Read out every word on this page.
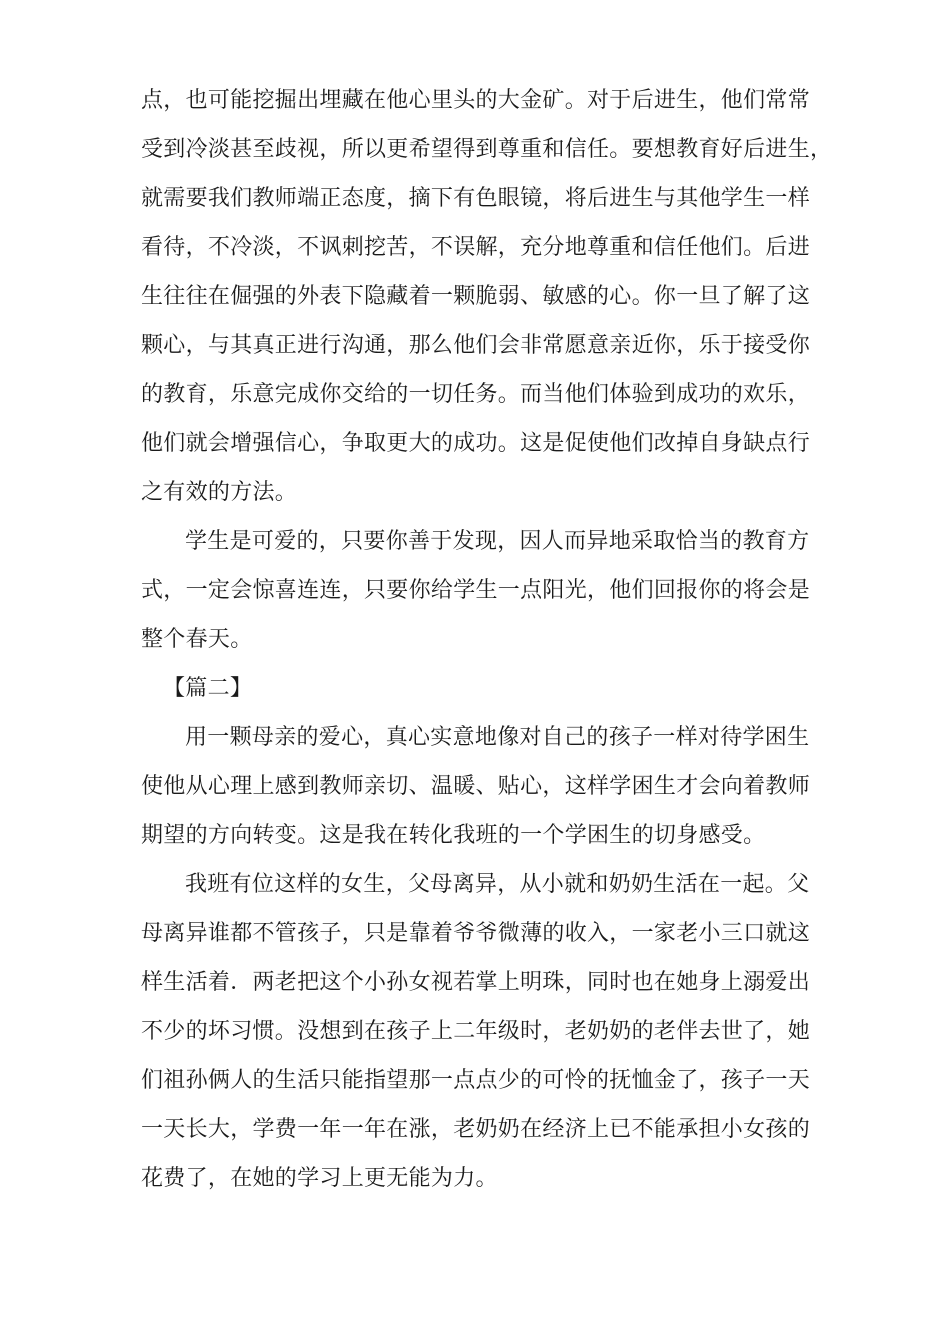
点，也可能挖掘出埋藏在他心里头的大金矿。对于后进生，他们常常
受到冷淡甚至歧视，所以更希望得到尊重和信任。要想教育好后进生，
就需要我们教师端正态度，摘下有色眼镜，将后进生与其他学生一样
看待，不冷淡，不讽刺挖苦，不误解，充分地尊重和信任他们。后进
生往往在倔强的外表下隐藏着一颗脆弱、敏感的心。你一旦了解了这
颗心，与其真正进行沟通，那么他们会非常愿意亲近你，乐于接受你
的教育，乐意完成你交给的一切任务。而当他们体验到成功的欢乐，
他们就会增强信心，争取更大的成功。这是促使他们改掉自身缺点行
之有效的方法。
学生是可爱的，只要你善于发现，因人而异地采取恰当的教育方
式，一定会惊喜连连，只要你给学生一点阳光，他们回报你的将会是
整个春天。
【篇二】
用一颗母亲的爱心，真心实意地像对自己的孩子一样对待学困生
使他从心理上感到教师亲切、温暖、贴心，这样学困生才会向着教师
期望的方向转变。这是我在转化我班的一个学困生的切身感受。
我班有位这样的女生，父母离异，从小就和奶奶生活在一起。父
母离异谁都不管孩子，只是靠着爷爷微薄的收入，一家老小三口就这
样生活着．两老把这个小孙女视若掌上明珠，同时也在她身上溺爱出
不少的坏习惯。没想到在孩子上二年级时，老奶奶的老伴去世了，她
们祖孙俩人的生活只能指望那一点点少的可怜的抚恤金了，孩子一天
一天长大，学费一年一年在涨，老奶奶在经济上已不能承担小女孩的
花费了，在她的学习上更无能为力。
